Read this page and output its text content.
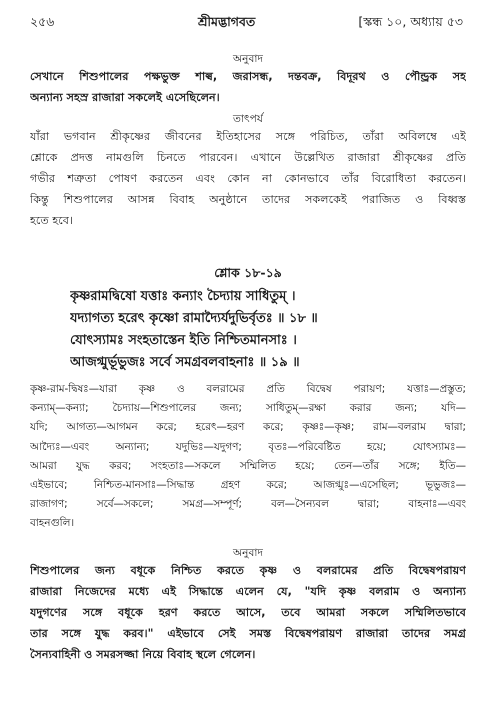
২৫৬	শ্রীমদ্ভাগবত	[স্কন্ধ ১০, অধ্যায় ৫৩
অনুবাদ
সেখানে শিশুপালের পক্ষভুক্ত শাল্ব, জরাসন্ধ, দন্তবক্র, বিদূরথ ও পৌন্ড্রক সহ
অন্যান্য সহস্র রাজারা সকলেই এসেছিলেন।
তাৎপর্য
যাঁরা ভগবান শ্রীকৃষ্ণের জীবনের ইতিহাসের সঙ্গে পরিচিত, তাঁরা অবিলম্বে এই
শ্লোকে প্রদত্ত নামগুলি চিনতে পারবেন। এখানে উল্লেখিত রাজারা শ্রীকৃষ্ণের প্রতি
গভীর শত্রুতা পোষণ করতেন এবং কোন না কোনভাবে তাঁর বিরোধিতা করতেন।
কিন্তু শিশুপালের আসন্ন বিবাহ অনুষ্ঠানে তাদের সকলকেই পরাজিত ও বিধ্বস্ত
হতে হবে।
শ্লোক ১৮-১৯
কৃষ্ণরামদ্বিষো যত্তাঃ কন্যাং চৈদ্যায় সাধিতুম্ ।
যদ্যাগত্য হরেৎ কৃষ্ণো রামাদ্যৈর্যদুভির্বৃতঃ ॥ ১৮ ॥
যোৎস্যামঃ সংহতাস্তেন ইতি নিশ্চিতমানসাঃ ।
আজগ্মুর্ভূভুজঃ সর্বে সমগ্রবলবাহনাঃ ॥ ১৯ ॥
কৃষ্ণ-রাম-দ্বিষঃ—যারা কৃষ্ণ ও বলরামের প্রতি বিদ্বেষ পরায়ণ; যত্তাঃ—প্রস্তুত;
কন্যাম্—কন্যা; চৈদ্যায়—শিশুপালের জন্য; সাধিতুম্—রক্ষা করার জন্য; যদি—
যদি; আগত্য—আগমন করে; হরেৎ—হরণ করে; কৃষ্ণঃ—কৃষ্ণ; রাম—বলরাম দ্বারা;
আদ্যৈঃ—এবং অন্যান্য; যদুভিঃ—যদুগণ; বৃতঃ—পরিবেষ্টিত হয়ে; যোৎস্যামঃ—
আমরা যুদ্ধ করব; সংহতাঃ—সকলে সম্মিলিত হয়ে; তেন—তাঁর সঙ্গে; ইতি—
এইভাবে; নিশ্চিত-মানসাঃ—সিদ্ধান্ত গ্রহণ করে; আজগ্মুঃ—এসেছিল; ভূভুজঃ—
রাজাগণ; সর্বে—সকলে; সমগ্র—সম্পূর্ণ; বল—সৈন্যবল দ্বারা; বাহনাঃ—এবং
বাহনগুলি।
অনুবাদ
শিশুপালের জন্য বধূকে নিশ্চিত করতে কৃষ্ণ ও বলরামের প্রতি বিদ্বেষপরায়ণ
রাজারা নিজেদের মধ্যে এই সিদ্ধান্তে এলেন যে, "যদি কৃষ্ণ বলরাম ও অন্যান্য
যদুগণের সঙ্গে বধূকে হরণ করতে আসে, তবে আমরা সকলে সম্মিলিতভাবে
তার সঙ্গে যুদ্ধ করব।" এইভাবে সেই সমস্ত বিদ্বেষপরায়ণ রাজারা তাদের সমগ্র
সৈন্যবাহিনী ও সমরসজ্জা নিয়ে বিবাহ স্থলে গেলেন।
